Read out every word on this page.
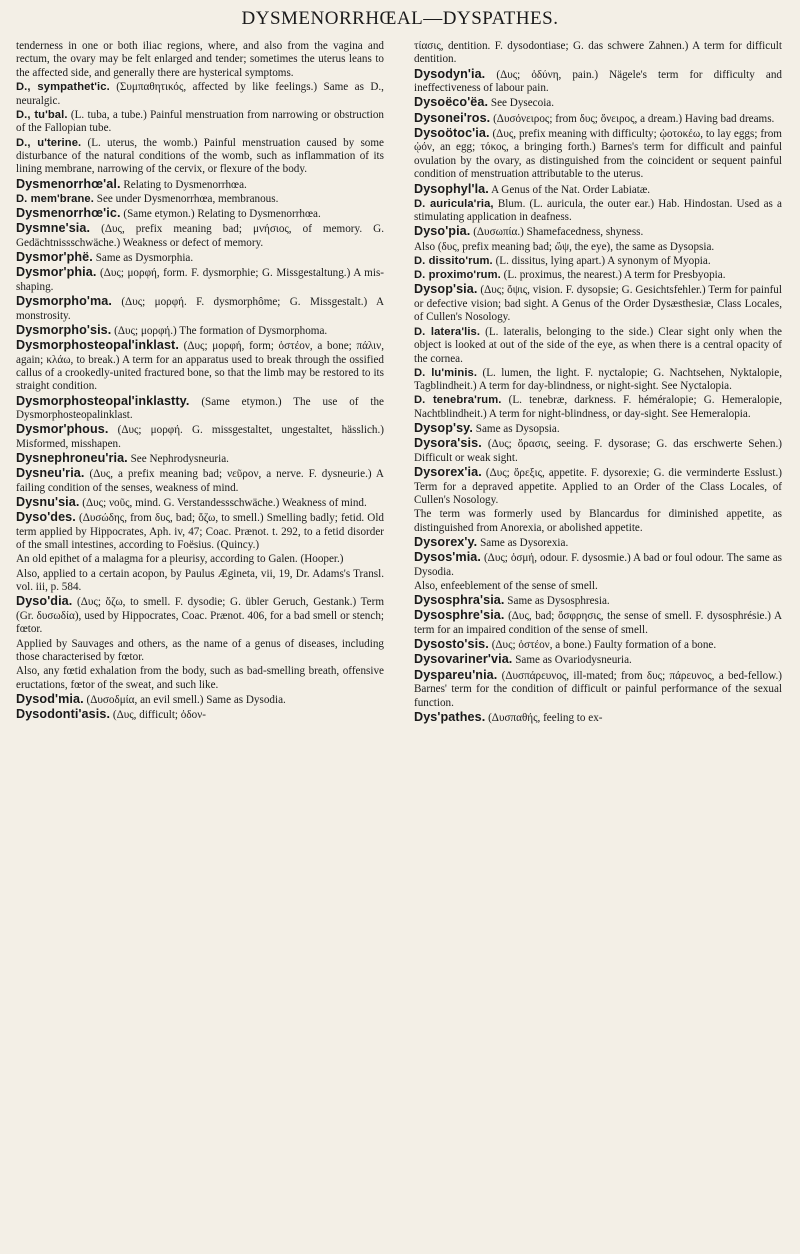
DYSMENORRHŒAL—DYSPATHES.

tenderness in one or both iliac regions, where, and also from the vagina and rectum, the ovary may be felt enlarged and tender; sometimes the uterus leans to the affected side, and generally there are hysterical symptoms.

D., sympathet'ic. (Συμπαθητικός, affected by like feelings.) Same as D., neuralgic.

D., tu'bal. (L. tuba, a tube.) Painful menstruation from narrowing or obstruction of the Fallopian tube.

D., u'terine. (L. uterus, the womb.) Painful menstruation caused by some disturbance of the natural conditions of the womb, such as inflammation of its lining membrane, narrowing of the cervix, or flexure of the body.

Dysmenorrhœ'al. Relating to Dysmenorrhœa.

D. mem'brane. See under Dysmenorrhœa, membranous.

Dysmenorrhœ'ic. (Same etymon.) Relating to Dysmenorrhœa.

Dysmne'sia. (Δυς, prefix meaning bad; μνήσιος, of memory. G. Gedächtnissschwäche.) Weakness or defect of memory.

Dysmor'phë. Same as Dysmorphia.

Dysmor'phia. (Δυς; μορφή, form. F. dysmorphie; G. Missgestaltung.) A mis-shaping.

Dysmorpho'ma. (Δυς; μορφή. F. dysmorphôme; G. Missgestalt.) A monstrosity.

Dysmorpho'sis. (Δυς; μορφή.) The formation of Dysmorphoma.

Dysmorphosteopal'inklast. (Δυς; μορφή, form; ὀστέον, a bone; πάλιν, again; κλάω, to break.) A term for an apparatus used to break through the ossified callus of a crookedly-united fractured bone, so that the limb may be restored to its straight condition.

Dysmorphosteopal'inklastty. (Same etymon.) The use of the Dysmorphosteopalinklast.

Dysmor'phous. (Δυς; μορφή. G. missgestaltet, ungestaltet, hässlich.) Misformed, misshapen.

Dysnephroneu'ria. See Nephrodysneuria.

Dysneu'ria. (Δυς, a prefix meaning bad; νεῦρον, a nerve. F. dysneurie.) A failing condition of the senses, weakness of mind.

Dysnu'sia. (Δυς; νοῦς, mind. G. Verstandessschwäche.) Weakness of mind.

Dyso'des. (Δυσώδης, from δυς, bad; ὄζω, to smell.) Smelling badly; fetid. Old term applied by Hippocrates, Aph. iv, 47; Coac. Prænot. t. 292, to a fetid disorder of the small intestines, according to Foësius. (Quincy.)

An old epithet of a malagma for a pleurisy, according to Galen. (Hooper.)

Also, applied to a certain acopon, by Paulus Ægineta, vii, 19, Dr. Adams's Transl. vol. iii, p. 584.

Dyso'dia. (Δυς; ὄζω, to smell. F. dysodie; G. übler Geruch, Gestank.) Term (Gr. δυσωδία), used by Hippocrates, Coac. Prænot. 406, for a bad smell or stench; fœtor.

Applied by Sauvages and others, as the name of a genus of diseases, including those characterised by fœtor.

Also, any fœtid exhalation from the body, such as bad-smelling breath, offensive eructations, fœtor of the sweat, and such like.

Dysod'mia. (Δυσοδμία, an evil smell.) Same as Dysodia.

Dysodonti'asis. (Δυς, difficult; ὀδον-

τίασις, dentition. F. dysodontiase; G. das schwere Zahnen.) A term for difficult dentition.

Dysodyn'ia. (Δυς; ὀδύνη, pain.) Nägele's term for difficulty and ineffectiveness of labour pain.

Dysoëco'ëa. See Dysecoia.

Dysonei'ros. (Δυσόνειρος; from δυς; ὄνειρος, a dream.) Having bad dreams.

Dysoötoc'ia. (Δυς, prefix meaning with difficulty; ᾠοτοκέω, to lay eggs; from ᾠόν, an egg; τόκος, a bringing forth.) Barnes's term for difficult and painful ovulation by the ovary, as distinguished from the coincident or sequent painful condition of menstruation attributable to the uterus.

Dysophyl'la. A Genus of the Nat. Order Labiatæ.

D. auricula'ria, Blum. (L. auricula, the outer ear.) Hab. Hindostan. Used as a stimulating application in deafness.

Dyso'pia. (Δυσωπία.) Shamefacedness, shyness.

Also (δυς, prefix meaning bad; ὤψ, the eye), the same as Dysopsia.

D. dissito'rum. (L. dissitus, lying apart.) A synonym of Myopia.

D. proximo'rum. (L. proximus, the nearest.) A term for Presbyopia.

Dysop'sia. (Δυς; ὄψις, vision. F. dysopsie; G. Gesichtsfehler.) Term for painful or defective vision; bad sight. A Genus of the Order Dysæsthesiæ, Class Locales, of Cullen's Nosology.

D. latera'lis. (L. lateralis, belonging to the side.) Clear sight only when the object is looked at out of the side of the eye, as when there is a central opacity of the cornea.

D. lu'minis. (L. lumen, the light. F. nyctalopie; G. Nachtsehen, Nyktalopie, Tagblindheit.) A term for day-blindness, or night-sight. See Nyctalopia.

D. tenebra'rum. (L. tenebræ, darkness. F. héméralopie; G. Hemeralopie, Nachtblindheit.) A term for night-blindness, or day-sight. See Hemeralopia.

Dysop'sy. Same as Dysopsia.

Dysora'sis. (Δυς; ὅρασις, seeing. F. dysorase; G. das erschwerte Sehen.) Difficult or weak sight.

Dysorex'ia. (Δυς; ὄρεξις, appetite. F. dysorexie; G. die verminderte Esslust.) Term for a depraved appetite. Applied to an Order of the Class Locales, of Cullen's Nosology.

The term was formerly used by Blancardus for diminished appetite, as distinguished from Anorexia, or abolished appetite.

Dysorex'y. Same as Dysorexia.

Dysos'mia. (Δυς; ὀσμή, odour. F. dysosmie.) A bad or foul odour. The same as Dysodia.

Also, enfeeblement of the sense of smell.

Dysosphra'sia. Same as Dysosphresia.

Dysosphre'sia. (Δυς, bad; ὄσφρησις, the sense of smell. F. dysosphrésie.) A term for an impaired condition of the sense of smell.

Dysosto'sis. (Δυς; ὀστέον, a bone.) Faulty formation of a bone.

Dysovariner'via. Same as Ovariodysneuria.

Dyspareu'nia. (Δυσπάρευνος, ill-mated; from δυς; πάρευνος, a bed-fellow.) Barnes' term for the condition of difficult or painful performance of the sexual function.

Dys'pathes. (Δυσπαθής, feeling to ex-
